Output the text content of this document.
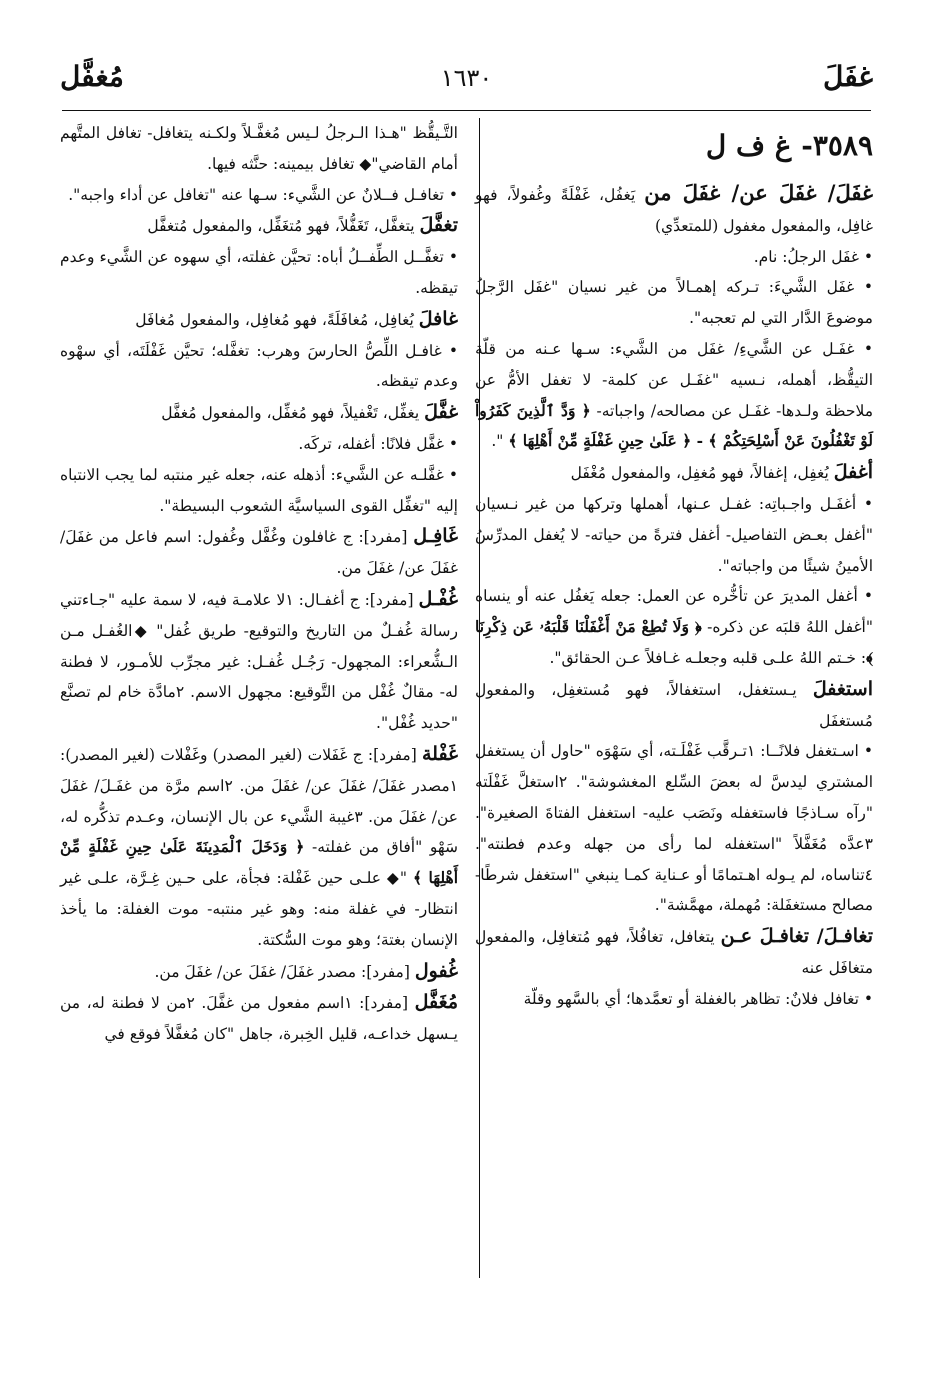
غفَلَ
١٦٣٠
مُغفَّل
٣٥٨٩- غ ف ل

غفَلَ/ غفَلَ عن/ غفَلَ من يَغفُل، غَفْلَةً وغُفولاً، فهو غافِل، والمفعول مغفول (للمتعدِّي)

• غفَل الرجلُ: نام.

• غفَل الشَّيءَ: تـركه إهمـالاً من غير نسيان "غفَل الرَّجلُ موضوعَ الدَّار التي لم تعجبه".

• غفَـل عن الشَّيءِ/ غفَل من الشَّيء: سـها عـنه من قلّة التيقُّظ، أهمله، نـسيه "غفَـل عن كلمة- لا تغفل الأمُّ عن ملاحظة ولـدها- غفَـل عن مصالحه/ واجباته- ﴿ وَدَّ ٱلَّذِينَ كَفَرُواْ لَوْ تَغْفُلُونَ عَنْ أَسْلِحَتِكُمْ ﴾ - ﴿ عَلَىٰ حِينِ غَفْلَةٍ مِّنْ أَهْلِهَا ﴾ ".

أغفلَ يُغفِل، إغفالاً، فهو مُغفِل، والمفعول مُغْفَل

• أغفَـل واجـباتِه: غفـل عـنها، أهملها وتركها من غير نـسيان "أغفل بعـض التفاصيل- أغفل فترةً من حياته- لا يُغفل المدرِّسُ الأمينُ شيئًا من واجباته".

• أغفل المديرَ عن تأخُّره عن العمل: جعله يَغفُل عنه أو ينساه "أغفل اللهُ قلبَه عن ذكره- ﴿ وَلَا تُطِعْ مَنْ أَغْفَلْنَا قَلْبَهُۥ عَن ذِكْرِنَا ﴾: خـتم اللهُ علـى قلبه وجعلـه غـافلاً عـن الحقائق".

استغفلَ يـستغفل، استغفالاً، فهو مُستغفِل، والمفعول مُستغفَل

• اسـتغفل فلانًــا: ١تـرقَّب غَفْلَـته، أي سَهْوَه "حاول أن يستغفل المشتري ليدسَّ له بعضَ السِّلع المغشوشة". ٢استغلَّ غَفْلَته "رآه سـاذجًا فاستغفله ونَصَب عليه- استغفل الفتاةَ الصغيرة". ٣عدَّه مُغَفَّلاً "استغفله لما رأى من جهله وعدم فطنته". ٤تناساه، لم يـوله اهـتمامًا أو عـناية كمـا ينبغي "استغفل شرطًا- مصالح مستغفَلة: مُهملة، مهمَّشة".

تغافـلَ/ تغافـلَ عـن يتغافل، تغافُلاً، فهو مُتغافِل، والمفعول متغافَل عنه

• تغافل فلانٌ: تظاهر بالغفلة أو تعمَّدها؛ أي بالسَّهو وقلّة

التَّـيقُّظ "هـذا الـرجلُ لـيس مُغفَّـلاً ولكـنه يتغافل- تغافل المتَّهم أمام القاضي"◆ تغافل بيمينه: حنَّثه فيها.

• تغافـل فــلانٌ عن الشَّيء: سـها عنه "تغافل عن أداء واجبه".

تغفَّلَ يتغفَّل، تَغَفُّلاً، فهو مُتغَفِّل، والمفعول مُتغفَّل

• تغفَّــل الطِّفــلُ أباه: تحيَّن غفلته، أي سهوه عن الشَّيء وعدم تيقظه.

غافلَ يُغافِل، مُغافَلَةً، فهو مُغافِل، والمفعول مُغافَل

• غافـل اللِّصُّ الحارسَ وهرب: تغفَّله؛ تحيَّن غَفْلَتَه، أي سهْوه وعدم تيقظه.

غفَّلَ يغفِّل، تَغْفيلاً، فهو مُغفِّل، والمفعول مُغفَّل

• غفَّل فلانًا: أغفله، تركَه.

• غفَّلـه عن الشَّيء: أذهله عنه، جعله غير منتبه لما يجب الانتباه إليه "تغفِّل القوى السياسيَّة الشعوب البسيطة".

غَافِـل [مفرد]: ج غافلون وغُفَّل وغُفول: اسم فاعل من غفَلَ/ غفَلَ عن/ غفَلَ من.

غُفْـل [مفرد]: ج أغفـال: ١لا علامـة فيه، لا سمة عليه "جـاءتني رسالة غُفـلٌ من التاريخ والتوقيع- طريق غُفل" ◆الغُفـل مـن الـشُّعراء: المجهول- رَجُـل غُفـل: غير مجرِّب للأمـور، لا فطنة له- مقالٌ غُفْل من التَّوقيع: مجهول الاسم. ٢مادَّة خام لم تصنَّع "حديد غُفْل".

غَفْلة [مفرد]: ج غَفَلات (لغير المصدر) وغَفْلات (لغير المصدر): ١مصدر غفَلَ/ غفَلَ عن/ غفَلَ من. ٢اسم مرَّة من غفَـلَ/ غفَلَ عن/ غفَلَ من. ٣غيبة الشَّيء عن بال الإنسان، وعـدم تذكُّره له، سَهْو "أفاق من غفلته- ﴿ وَدَخَلَ ٱلْمَدِينَةَ عَلَىٰ حِينِ غَفْلَةٍ مِّنْ أَهْلِهَا ﴾ "◆ علـى حين غَفْلة: فجأة، على حـين غِـرَّة، علـى غير انتظار- في غفلة منه: وهو غير منتبه- موت الغفلة: ما يأخذ الإنسان بغتة؛ وهو موت السُّكتة.

غُفول [مفرد]: مصدر غفَلَ/ غفَلَ عن/ غفَلَ من.

مُغَفَّل [مفرد]: ١اسم مفعول من غفَّلَ. ٢من لا فطنة له، من يـسهل خداعـه، قليل الخِبرة، جاهل "كان مُغفَّلاً فوقع في
